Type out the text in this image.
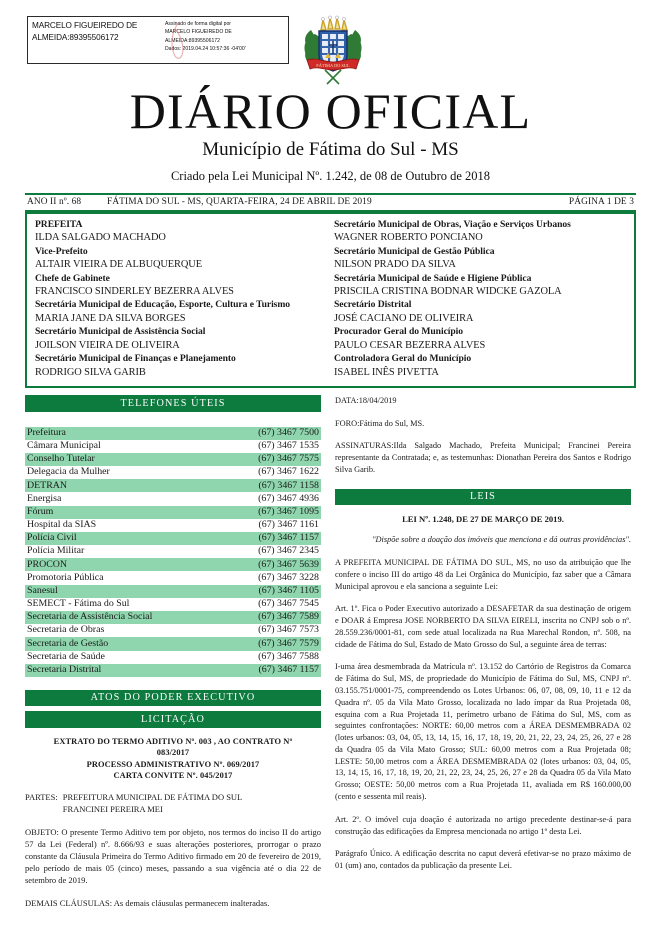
MARCELO FIGUEIREDO DE ALMEIDA:89395506172
Assinado de forma digital por
MARCELO FIGUEIREDO DE
ALMEIDA:89395506172
Dados: 2019.04.24 10:57:36 -04'00'
FÁTIMA DO SUL
DIÁRIO OFICIAL
Município de Fátima do Sul - MS
Criado pela Lei Municipal Nº. 1.242, de 08 de Outubro de 2018
ANO II nº. 68	FÁTIMA DO SUL - MS, QUARTA-FEIRA, 24 DE ABRIL DE 2019	PÁGINA 1 DE 3
PREFEITA
ILDA SALGADO MACHADO
Vice-Prefeito
ALTAIR VIEIRA DE ALBUQUERQUE
Chefe de Gabinete
FRANCISCO SINDERLEY BEZERRA ALVES
Secretária Municipal de Educação, Esporte, Cultura e Turismo
MARIA JANE DA SILVA BORGES
Secretário Municipal de Assistência Social
JOILSON VIEIRA DE OLIVEIRA
Secretário Municipal de Finanças e Planejamento
RODRIGO SILVA GARIB
Secretário Municipal de Obras, Viação e Serviços Urbanos
WAGNER ROBERTO PONCIANO
Secretário Municipal de Gestão Pública
NILSON PRADO DA SILVA
Secretária Municipal de Saúde e Higiene Pública
PRISCILA CRISTINA BODNAR WIDCKE GAZOLA
Secretário Distrital
JOSÉ CACIANO DE OLIVEIRA
Procurador Geral do Município
PAULO CESAR BEZERRA ALVES
Controladora Geral do Município
ISABEL INÊS PIVETTA
TELEFONES ÚTEIS
Prefeitura	(67) 3467 7500
Câmara Municipal	(67) 3467 1535
Conselho Tutelar	(67) 3467 7575
Delegacia da Mulher	(67) 3467 1622
DETRAN	(67) 3467 1158
Energisa	(67) 3467 4936
Fórum	(67) 3467 1095
Hospital da SIAS	(67) 3467 1161
Polícia Civil	(67) 3467 1157
Polícia Militar	(67) 3467 2345
PROCON	(67) 3467 5639
Promotoria Pública	(67) 3467 3228
Sanesul	(67) 3467 1105
SEMECT - Fátima do Sul	(67) 3467 7545
Secretaria de Assistência Social	(67) 3467 7589
Secretaria de Obras	(67) 3467 7573
Secretaria de Gestão	(67) 3467 7579
Secretaria de Saúde	(67) 3467 7588
Secretaria Distrital	(67) 3467 1157
ATOS DO PODER EXECUTIVO
LICITAÇÃO
EXTRATO DO TERMO ADITIVO Nº. 003 , AO CONTRATO Nº
083/2017
PROCESSO ADMINISTRATIVO Nº. 069/2017
CARTA CONVITE Nº. 045/2017
PARTES: PREFEITURA MUNICIPAL DE FÁTIMA DO SUL
FRANCINEI PEREIRA MEI
OBJETO: O presente Termo Aditivo tem por objeto, nos termos do inciso II do artigo 57 da Lei (Federal) nº. 8.666/93 e suas alterações posteriores, prorrogar o prazo constante da Cláusula Primeira do Termo Aditivo firmado em 20 de fevereiro de 2019, pelo período de mais 05 (cinco) meses, passando a sua vigência até o dia 22 de setembro de 2019.
DEMAIS CLÁUSULAS: As demais cláusulas permanecem inalteradas.
DATA:18/04/2019
FORO:Fátima do Sul, MS.
ASSINATURAS:Ilda Salgado Machado, Prefeita Municipal; Francinei Pereira representante da Contratada; e, as testemunhas: Dionathan Pereira dos Santos e Rodrigo Silva Garib.
LEIS
LEI Nº. 1.248, DE 27 DE MARÇO DE 2019.
"Dispõe sobre a doação dos imóveis que menciona e dá outras providências".
A PREFEITA MUNICIPAL DE FÁTIMA DO SUL, MS, no uso da atribuição que lhe confere o inciso III do artigo 48 da Lei Orgânica do Município, faz saber que a Câmara Municipal aprovou e ela sanciona a seguinte Lei:
Art. 1º. Fica o Poder Executivo autorizado a DESAFETAR da sua destinação de origem e DOAR á Empresa JOSE NORBERTO DA SILVA EIRELI, inscrita no CNPJ sob o nº. 28.559.236/0001-81, com sede atual localizada na Rua Marechal Rondon, nº. 508, na cidade de Fátima do Sul, Estado de Mato Grosso do Sul, a seguinte área de terras:
I-uma área desmembrada da Matrícula nº. 13.152 do Cartório de Registros da Comarca de Fátima do Sul, MS, de propriedade do Município de Fátima do Sul, MS, CNPJ nº. 03.155.751/0001-75, compreendendo os Lotes Urbanos: 06, 07, 08, 09, 10, 11 e 12 da Quadra nº. 05 da Vila Mato Grosso, localizada no lado ímpar da Rua Projetada 08, esquina com a Rua Projetada 11, perímetro urbano de Fátima do Sul, MS, com as seguintes confrontações: NORTE: 60,00 metros com a ÁREA DESMEMBRADA 02 (lotes urbanos: 03, 04, 05, 13, 14, 15, 16, 17, 18, 19, 20, 21, 22, 23, 24, 25, 26, 27 e 28 da Quadra 05 da Vila Mato Grosso; SUL: 60,00 metros com a Rua Projetada 08; LESTE: 50,00 metros com a ÁREA DESMEMBRADA 02 (lotes urbanos: 03, 04, 05, 13, 14, 15, 16, 17, 18, 19, 20, 21, 22, 23, 24, 25, 26, 27 e 28 da Quadra 05 da Vila Mato Grosso; OESTE: 50,00 metros com a Rua Projetada 11, avaliada em R$ 160.000,00 (cento e sessenta mil reais).
Art. 2º. O imóvel cuja doação é autorizada no artigo precedente destinar-se-á para construção das edificações da Empresa mencionada no artigo 1º desta Lei.
Parágrafo Único. A edificação descrita no caput deverá efetivar-se no prazo máximo de 01 (um) ano, contados da publicação da presente Lei.
